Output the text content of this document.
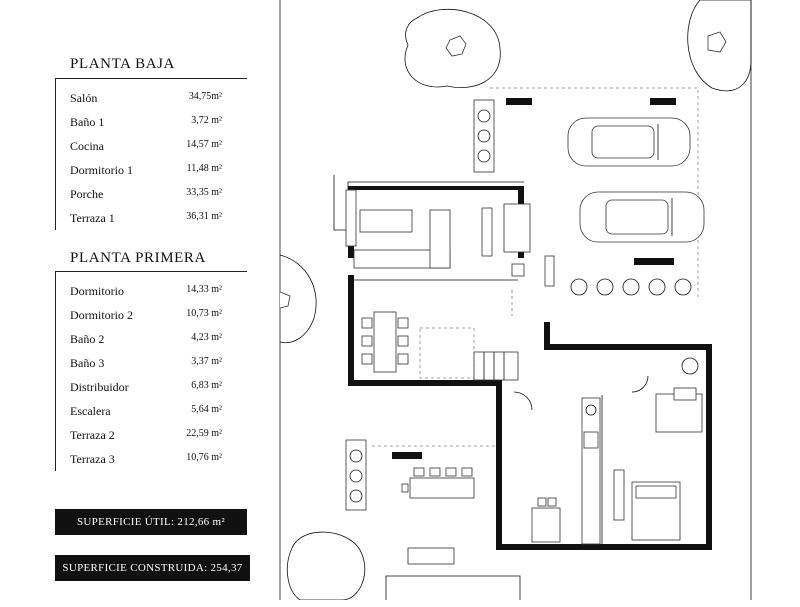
PLANTA BAJA
Salón	34,75m²
Baño 1	3,72 m²
Cocina	14,57 m²
Dormitorio 1	11,48 m²
Porche	33,35 m²
Terraza 1	36,31 m²
PLANTA PRIMERA
Dormitorio	14,33 m²
Dormitorio 2	10,73 m²
Baño 2	4,23 m²
Baño 3	3,37 m²
Distribuidor	6,83 m²
Escalera	5,64 m²
Terraza 2	22,59 m²
Terraza 3	10,76 m²
SUPERFICIE ÚTIL: 212,66 m²
SUPERFICIE CONSTRUIDA: 254,37 m²
